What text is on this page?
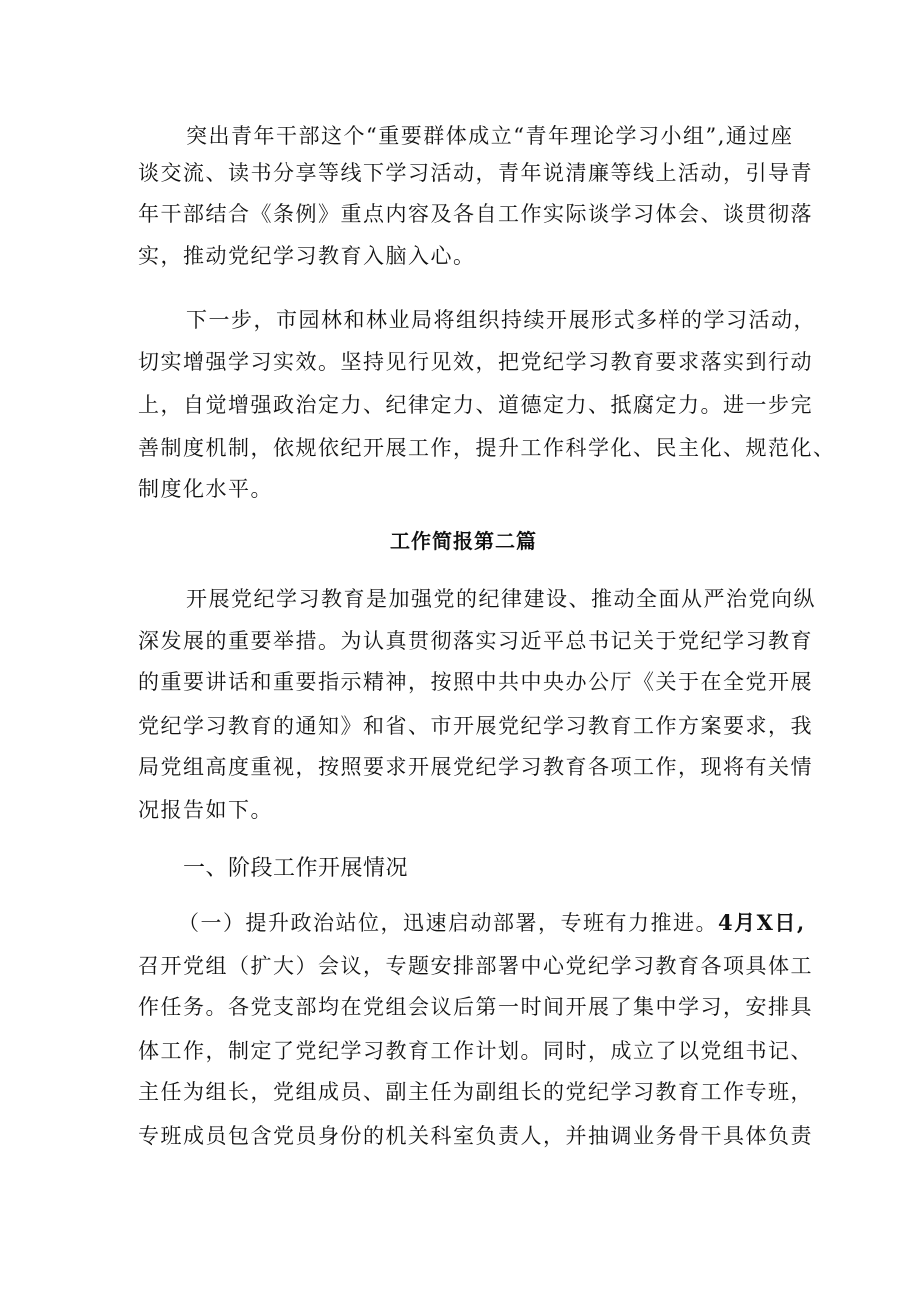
突出青年干部这个“重要群体成立“青年理论学习小组”,通过座
谈交流、读书分享等线下学习活动，青年说清廉等线上活动，引导青
年干部结合《条例》重点内容及各自工作实际谈学习体会、谈贯彻落
实，推动党纪学习教育入脑入心。
下一步，市园林和林业局将组织持续开展形式多样的学习活动，
切实增强学习实效。坚持见行见效，把党纪学习教育要求落实到行动
上，自觉增强政治定力、纪律定力、道德定力、抵腐定力。进一步完
善制度机制，依规依纪开展工作，提升工作科学化、民主化、规范化、
制度化水平。
工作简报第二篇
开展党纪学习教育是加强党的纪律建设、推动全面从严治党向纵
深发展的重要举措。为认真贯彻落实习近平总书记关于党纪学习教育
的重要讲话和重要指示精神，按照中共中央办公厅《关于在全党开展
党纪学习教育的通知》和省、市开展党纪学习教育工作方案要求，我
局党组高度重视，按照要求开展党纪学习教育各项工作，现将有关情
况报告如下。
一、阶段工作开展情况
（一）提升政治站位，迅速启动部署，专班有力推进。4月X日,
召开党组（扩大）会议，专题安排部署中心党纪学习教育各项具体工
作任务。各党支部均在党组会议后第一时间开展了集中学习，安排具
体工作，制定了党纪学习教育工作计划。同时，成立了以党组书记、
主任为组长，党组成员、副主任为副组长的党纪学习教育工作专班，
专班成员包含党员身份的机关科室负责人，并抽调业务骨干具体负责
